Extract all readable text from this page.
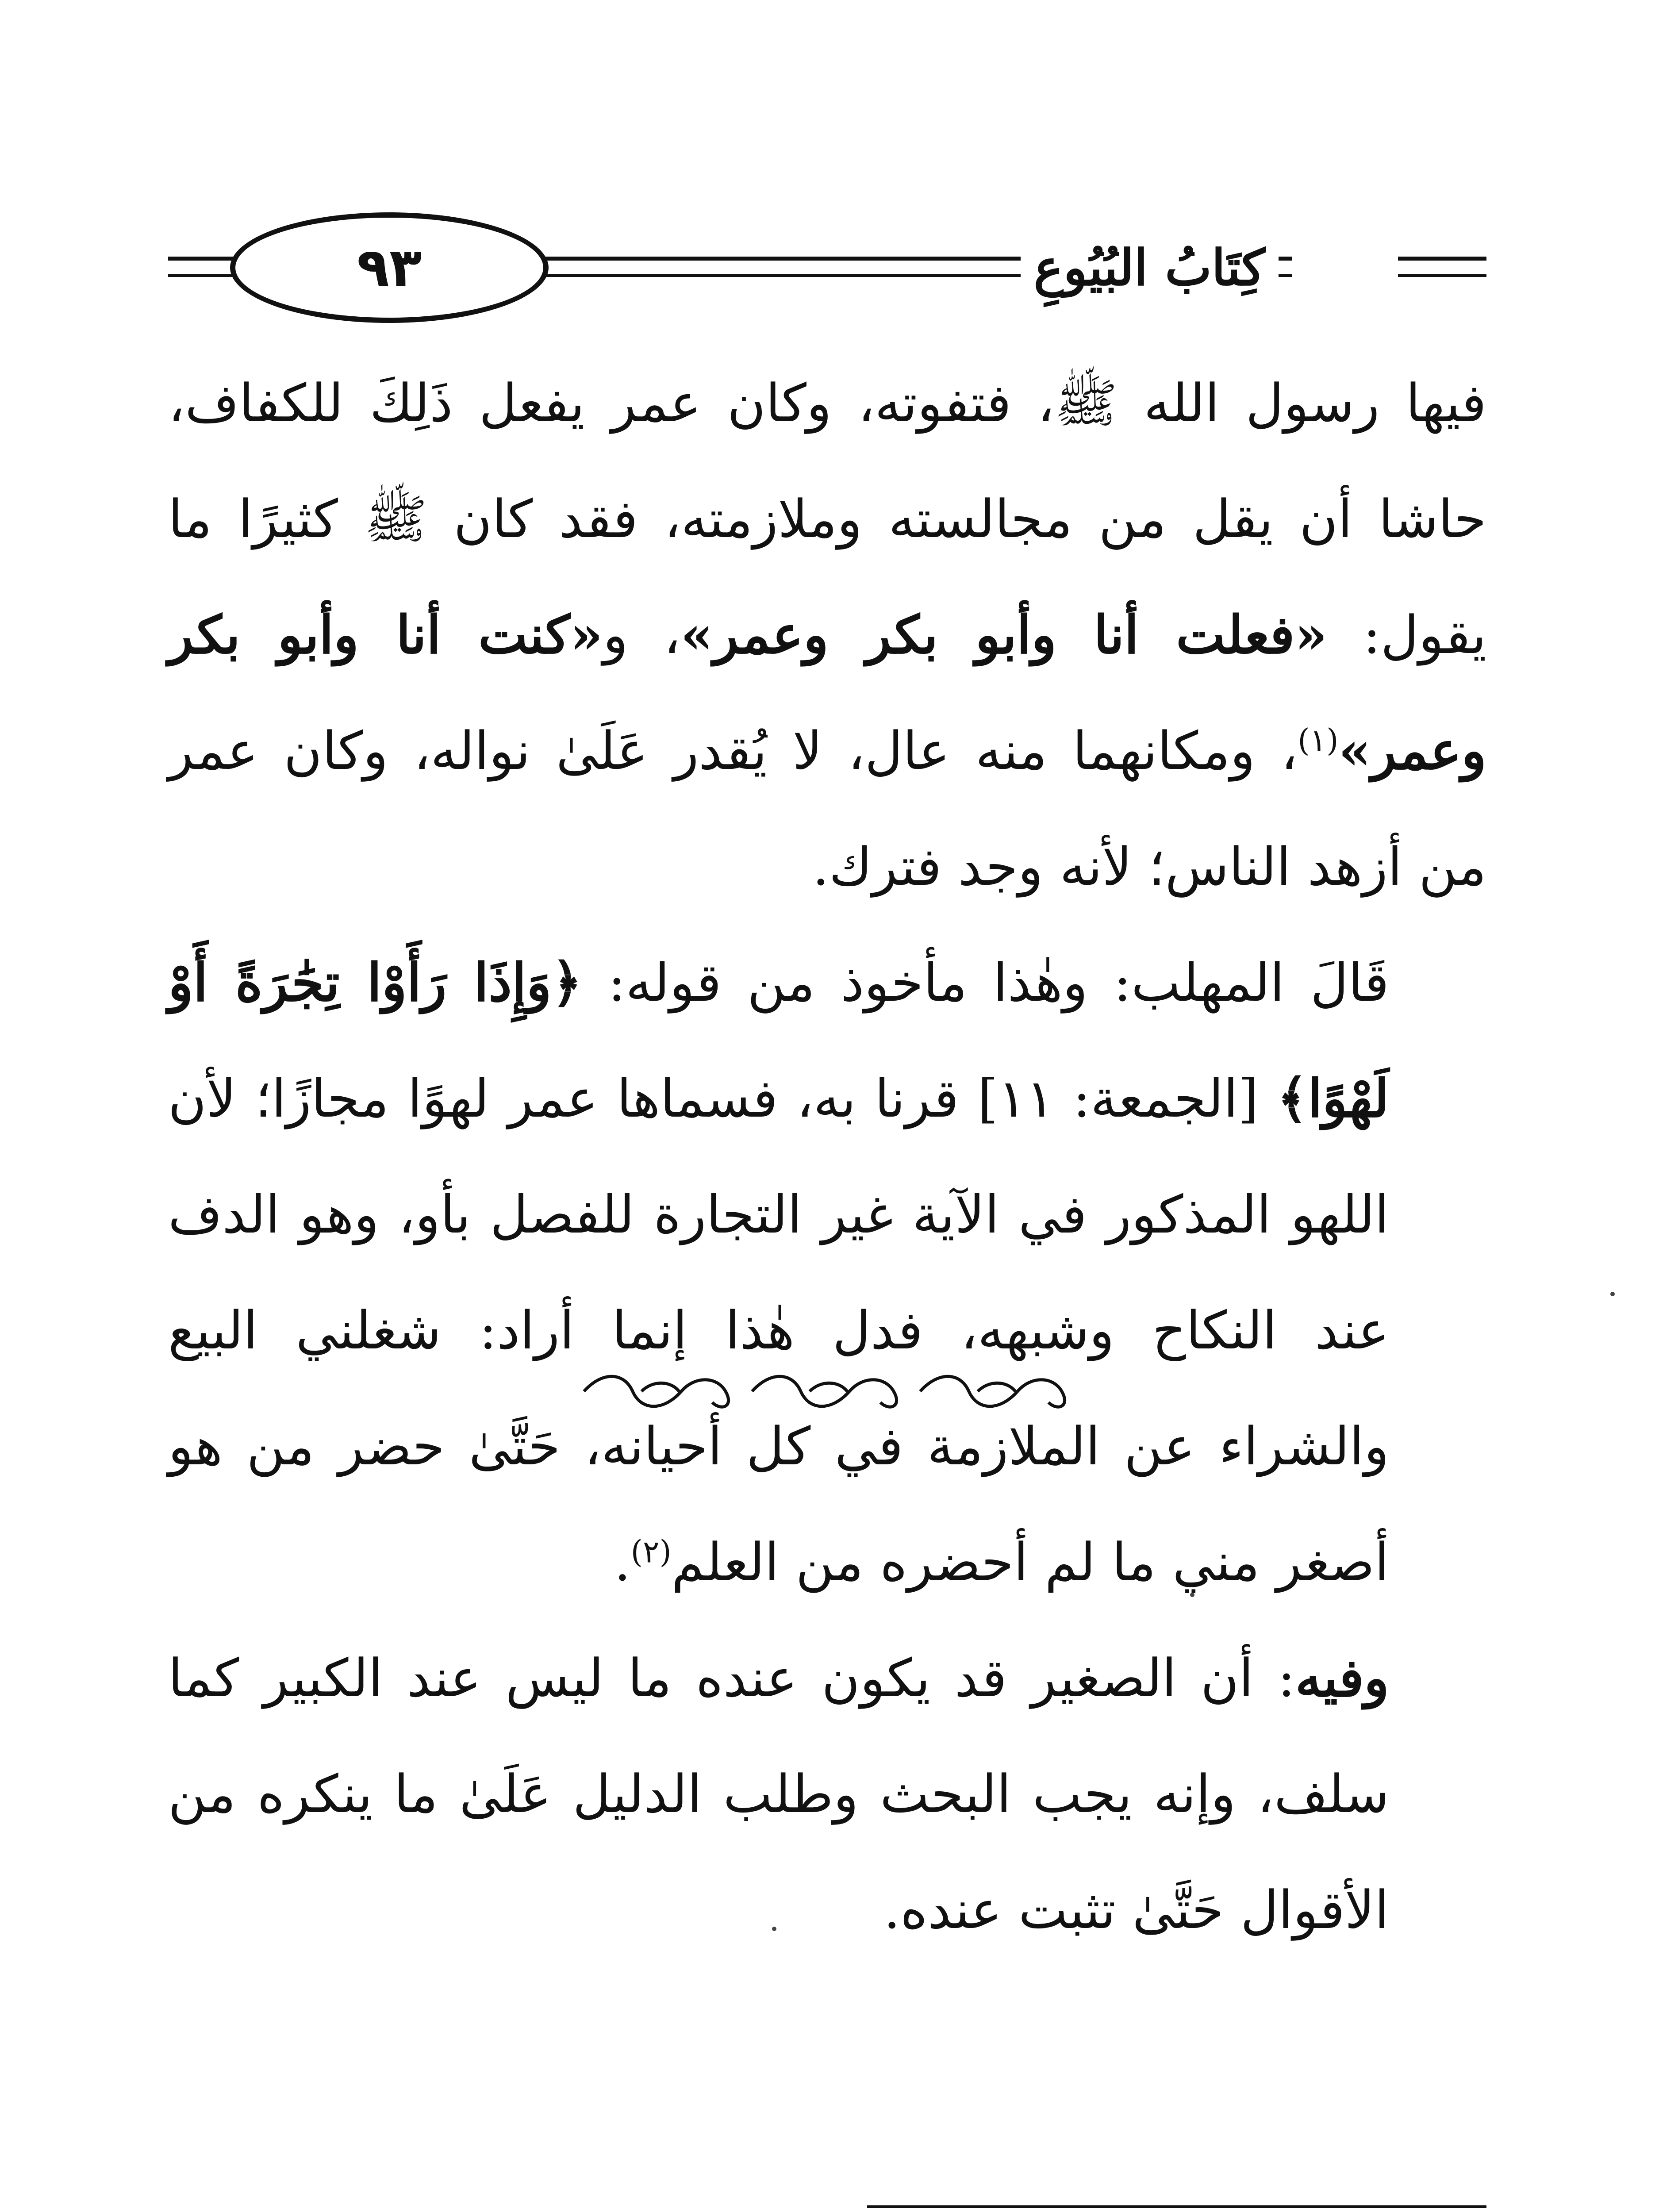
٩٣	كِتَابُ البُيُوعِ

فيها رسول الله ﷺ، فتفوته، وكان عمر يفعل ذَلِكَ للكفاف، حاشا أن يقل من مجالسته وملازمته، فقد كان ﷺ كثيرًا ما يقول: «فعلت أنا وأبو بكر وعمر»، و«كنت أنا وأبو بكر وعمر»$^{(١)}$، ومكانهما منه عال، لا يُقدر عَلَىٰ نواله، وكان عمر من أزهد الناس؛ لأنه وجد فترك.

قَالَ المهلب: وهٰذا مأخوذ من قوله: ﴿وَإِذَا رَأَوْا تِجَٰرَةً أَوْ لَهْوًا﴾ [الجمعة: ١١] قرنا به، فسماها عمر لهوًا مجازًا؛ لأن اللهو المذكور في الآية غير التجارة للفصل بأو، وهو الدف عند النكاح وشبهه، فدل هٰذا إنما أراد: شغلني البيع والشراء عن الملازمة في كل أحيانه، حَتَّىٰ حضر من هو أصغر مني ما لم أحضره من العلم$^{(٢)}$.

وفيه: أن الصغير قد يكون عنده ما ليس عند الكبير كما سلف، وإنه يجب البحث وطلب الدليل عَلَىٰ ما ينكره من الأقوال حَتَّىٰ تثبت عنده.
